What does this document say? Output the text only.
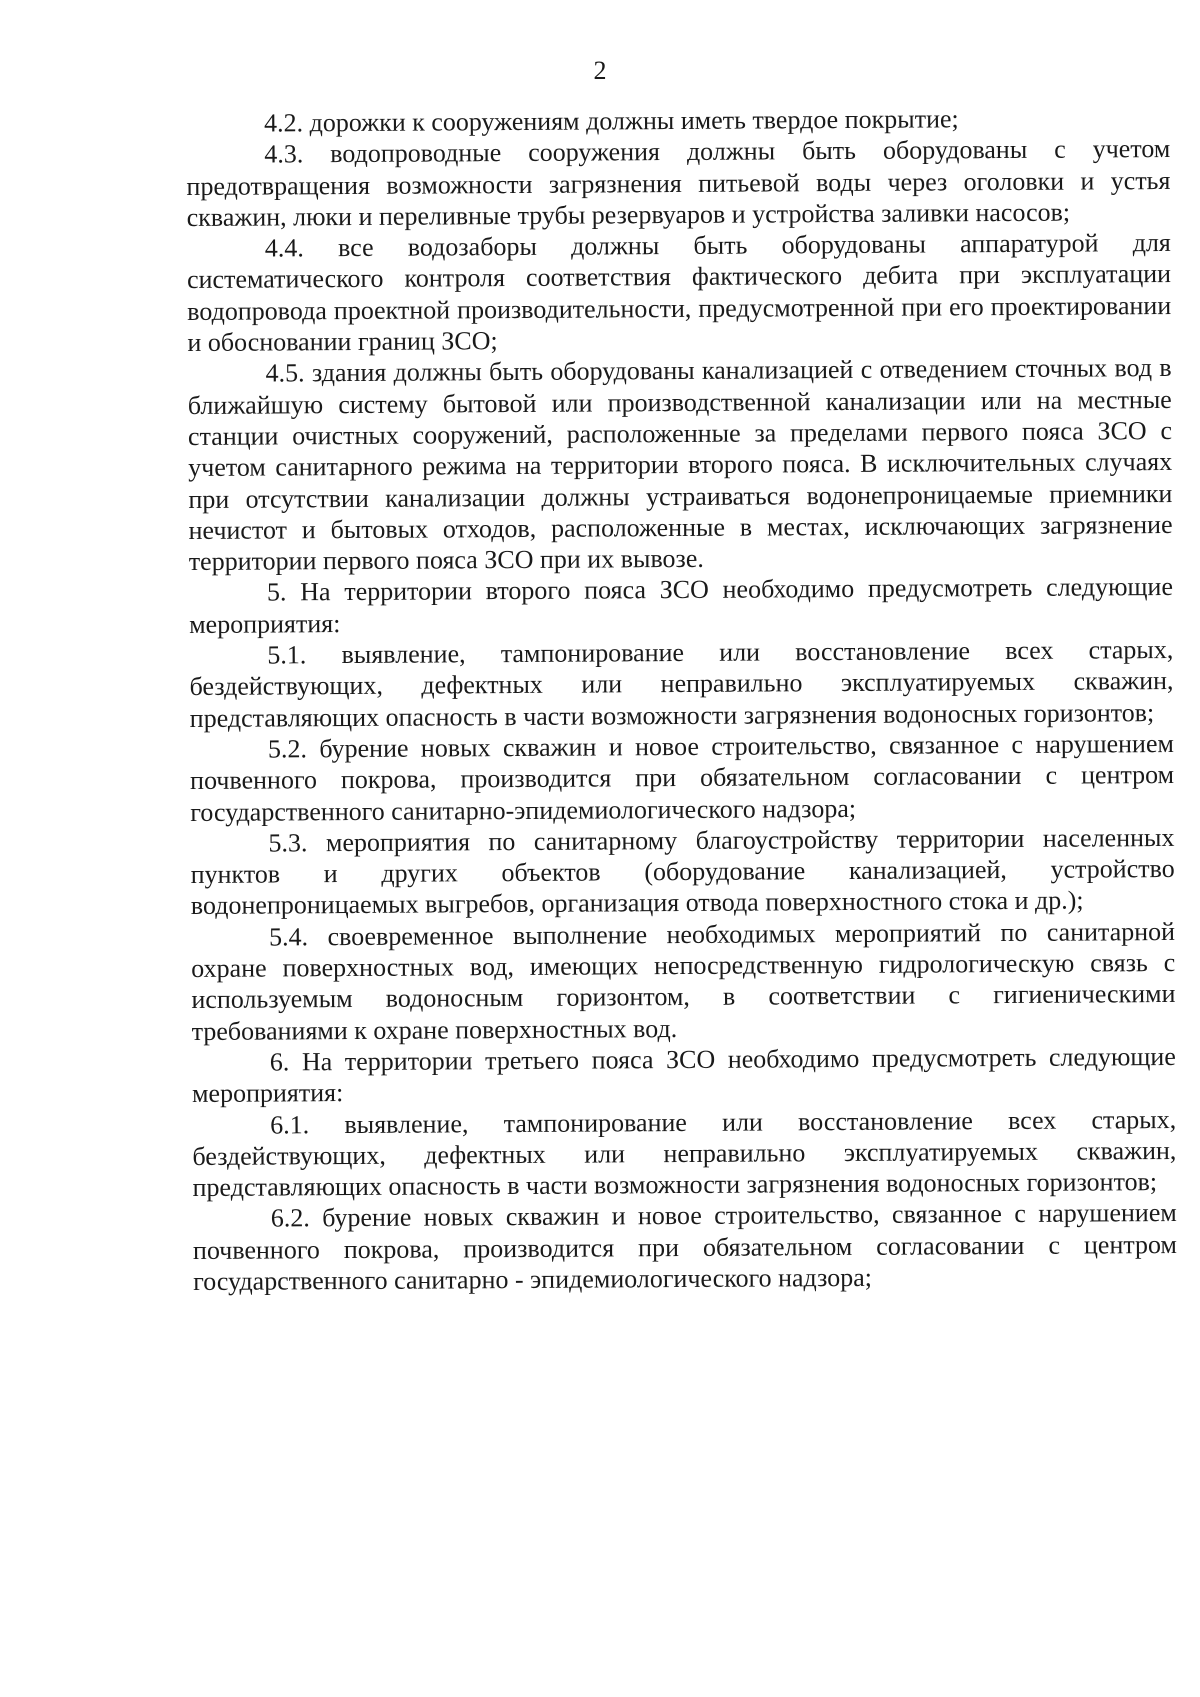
2

4.2. дорожки к сооружениям должны иметь твердое покрытие;

4.3. водопроводные сооружения должны быть оборудованы с учетом предотвращения возможности загрязнения питьевой воды через оголовки и устья скважин, люки и переливные трубы резервуаров и устройства заливки насосов;

4.4. все водозаборы должны быть оборудованы аппаратурой для систематического контроля соответствия фактического дебита при эксплуатации водопровода проектной производительности, предусмотренной при его проектировании и обосновании границ ЗСО;

4.5. здания должны быть оборудованы канализацией с отведением сточных вод в ближайшую систему бытовой или производственной канализации или на местные станции очистных сооружений, расположенные за пределами первого пояса ЗСО с учетом санитарного режима на территории второго пояса. В исключительных случаях при отсутствии канализации должны устраиваться водонепроницаемые приемники нечистот и бытовых отходов, расположенные в местах, исключающих загрязнение территории первого пояса ЗСО при их вывозе.

5. На территории второго пояса ЗСО необходимо предусмотреть следующие мероприятия:

5.1. выявление, тампонирование или восстановление всех старых, бездействующих, дефектных или неправильно эксплуатируемых скважин, представляющих опасность в части возможности загрязнения водоносных горизонтов;

5.2. бурение новых скважин и новое строительство, связанное с нарушением почвенного покрова, производится при обязательном согласовании с центром государственного санитарно-эпидемиологического надзора;

5.3. мероприятия по санитарному благоустройству территории населенных пунктов и других объектов (оборудование канализацией, устройство водонепроницаемых выгребов, организация отвода поверхностного стока и др.);

5.4. своевременное выполнение необходимых мероприятий по санитарной охране поверхностных вод, имеющих непосредственную гидрологическую связь с используемым водоносным горизонтом, в соответствии с гигиеническими требованиями к охране поверхностных вод.

6. На территории третьего пояса ЗСО необходимо предусмотреть следующие мероприятия:

6.1. выявление, тампонирование или восстановление всех старых, бездействующих, дефектных или неправильно эксплуатируемых скважин, представляющих опасность в части возможности загрязнения водоносных горизонтов;

6.2. бурение новых скважин и новое строительство, связанное с нарушением почвенного покрова, производится при обязательном согласовании с центром государственного санитарно - эпидемиологического надзора;
